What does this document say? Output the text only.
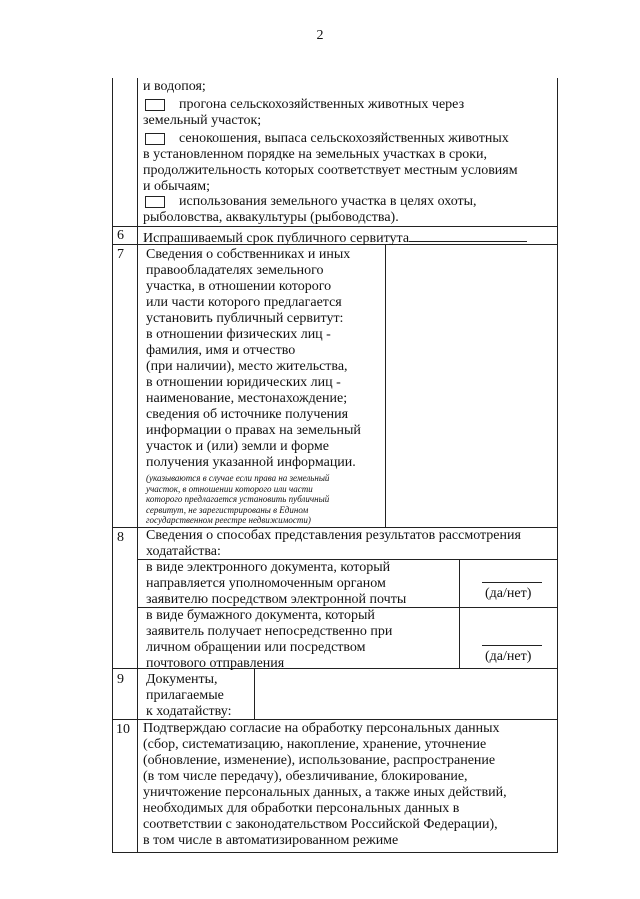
2
и водопоя;
прогона сельскохозяйственных животных через
земельный участок;
сенокошения, выпаса сельскохозяйственных животных
в установленном порядке на земельных участках в сроки,
продолжительность которых соответствует местным условиям
и обычаям;
использования земельного участка в целях охоты,
рыболовства, аквакультуры (рыбоводства).
6 Испрашиваемый срок публичного сервитута
7 Сведения о собственниках и иных
правообладателях земельного
участка, в отношении которого
или части которого предлагается
установить публичный сервитут:
в отношении физических лиц -
фамилия, имя и отчество
(при наличии), место жительства,
в отношении юридических лиц -
наименование, местонахождение;
сведения об источнике получения
информации о правах на земельный
участок и (или) земли и форме
получения указанной информации.
(указываются в случае если права на земельный
участок, в отношении которого или части
которого предлагается установить публичный
сервитут, не зарегистрированы в Едином
государственном реестре недвижимости)
8 Сведения о способах представления результатов рассмотрения
ходатайства:
в виде электронного документа, который
направляется уполномоченным органом
заявителю посредством электронной почты	(да/нет)
в виде бумажного документа, который
заявитель получает непосредственно при
личном обращении или посредством
почтового отправления	(да/нет)
9 Документы,
прилагаемые
к ходатайству:
10 Подтверждаю согласие на обработку персональных данных
(сбор, систематизацию, накопление, хранение, уточнение
(обновление, изменение), использование, распространение
(в том числе передачу), обезличивание, блокирование,
уничтожение персональных данных, а также иных действий,
необходимых для обработки персональных данных в
соответствии с законодательством Российской Федерации),
в том числе в автоматизированном режиме
